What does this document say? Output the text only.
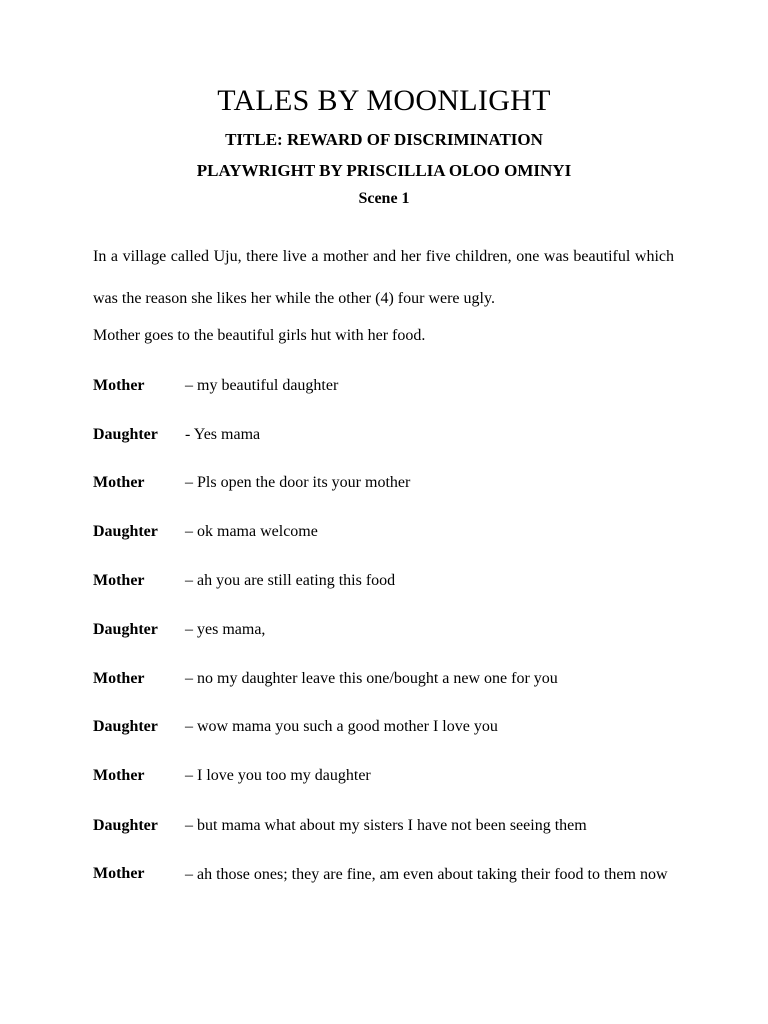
TALES BY MOONLIGHT
TITLE: REWARD OF DISCRIMINATION
PLAYWRIGHT BY PRISCILLIA OLOO OMINYI
Scene 1
In a village called Uju, there live a mother and her five children, one was beautiful which was the reason she likes her while the other (4) four were ugly.
Mother goes to the beautiful girls hut with her food.
Mother	– my beautiful daughter
Daughter - Yes mama
Mother	– Pls open the door its your mother
Daughter – ok mama welcome
Mother	– ah you are still eating this food
Daughter – yes mama,
Mother	– no my daughter leave this one/bought a new one for you
Daughter – wow mama you such a good mother I love you
Mother	– I love you too my daughter
Daughter – but mama what about my sisters I have not been seeing them
Mother	– ah those ones; they are fine, am even about taking their food to them now
